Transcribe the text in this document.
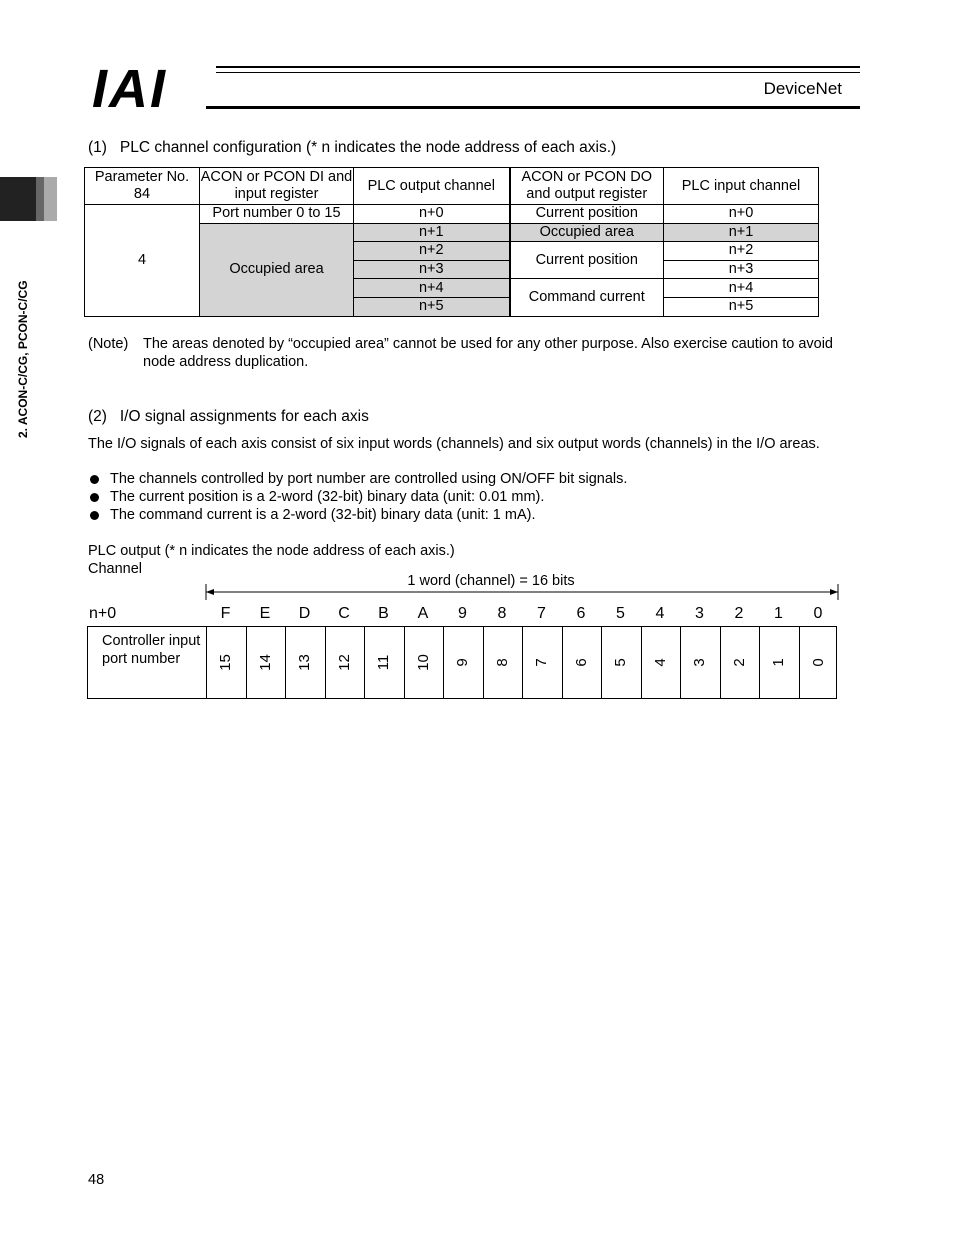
IAI	DeviceNet
2. ACON-C/CG, PCON-C/CG
(1)   PLC channel configuration (* n indicates the node address of each axis.)
Parameter No. 84	ACON or PCON DI and input register	PLC output channel	ACON or PCON DO and output register	PLC input channel
4	Port number 0 to 15	n+0	Current position	n+0
	Occupied area	n+1	Occupied area	n+1
		n+2	Current position	n+2
		n+3		n+3
		n+4	Command current	n+4
		n+5		n+5
(Note) The areas denoted by “occupied area” cannot be used for any other purpose. Also exercise caution to avoid node address duplication.
(2)   I/O signal assignments for each axis
The I/O signals of each axis consist of six input words (channels) and six output words (channels) in the I/O areas.
The channels controlled by port number are controlled using ON/OFF bit signals.
The current position is a 2-word (32-bit) binary data (unit: 0.01 mm).
The command current is a 2-word (32-bit) binary data (unit: 1 mA).
PLC output (* n indicates the node address of each axis.)
Channel
1 word (channel) = 16 bits
n+0	F	E	D	C	B	A	9	8	7	6	5	4	3	2	1	0
Controller input port number	15 14 13 12 11 10 9 8 7 6 5 4 3 2 1 0
48
